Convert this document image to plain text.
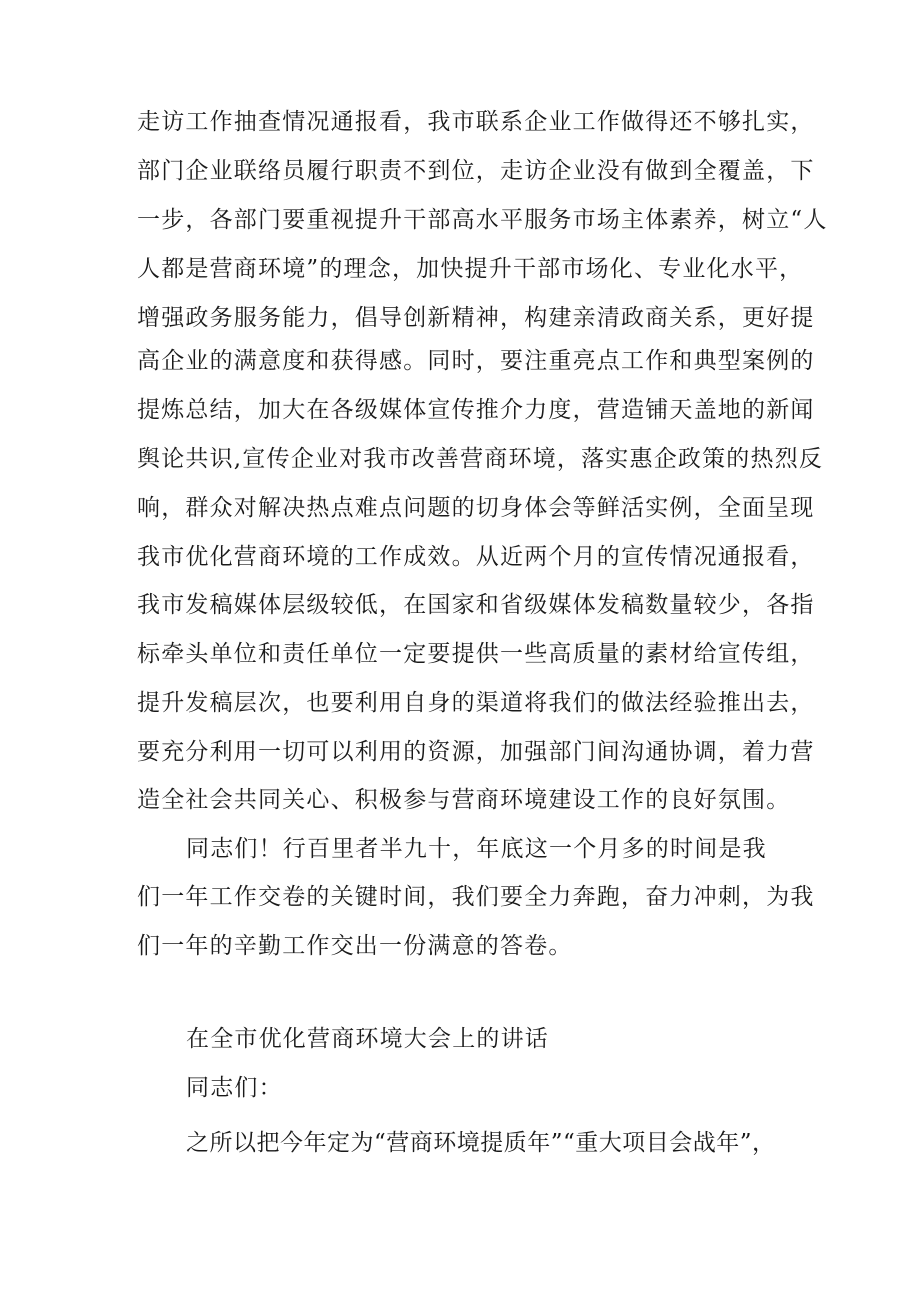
走访工作抽查情况通报看，我市联系企业工作做得还不够扎实，
部门企业联络员履行职责不到位，走访企业没有做到全覆盖，下
一步，各部门要重视提升干部高水平服务市场主体素养，树立“人
人都是营商环境”的理念，加快提升干部市场化、专业化水平，
增强政务服务能力，倡导创新精神，构建亲清政商关系，更好提
高企业的满意度和获得感。同时，要注重亮点工作和典型案例的
提炼总结，加大在各级媒体宣传推介力度，营造铺天盖地的新闻
舆论共识,宣传企业对我市改善营商环境，落实惠企政策的热烈反
响，群众对解决热点难点问题的切身体会等鲜活实例，全面呈现
我市优化营商环境的工作成效。从近两个月的宣传情况通报看，
我市发稿媒体层级较低，在国家和省级媒体发稿数量较少，各指
标牵头单位和责任单位一定要提供一些高质量的素材给宣传组，
提升发稿层次，也要利用自身的渠道将我们的做法经验推出去，
要充分利用一切可以利用的资源，加强部门间沟通协调，着力营
造全社会共同关心、积极参与营商环境建设工作的良好氛围。
同志们！行百里者半九十，年底这一个月多的时间是我
们一年工作交卷的关键时间，我们要全力奔跑，奋力冲刺，为我
们一年的辛勤工作交出一份满意的答卷。
在全市优化营商环境大会上的讲话
同志们：
之所以把今年定为“营商环境提质年”“重大项目会战年”，
